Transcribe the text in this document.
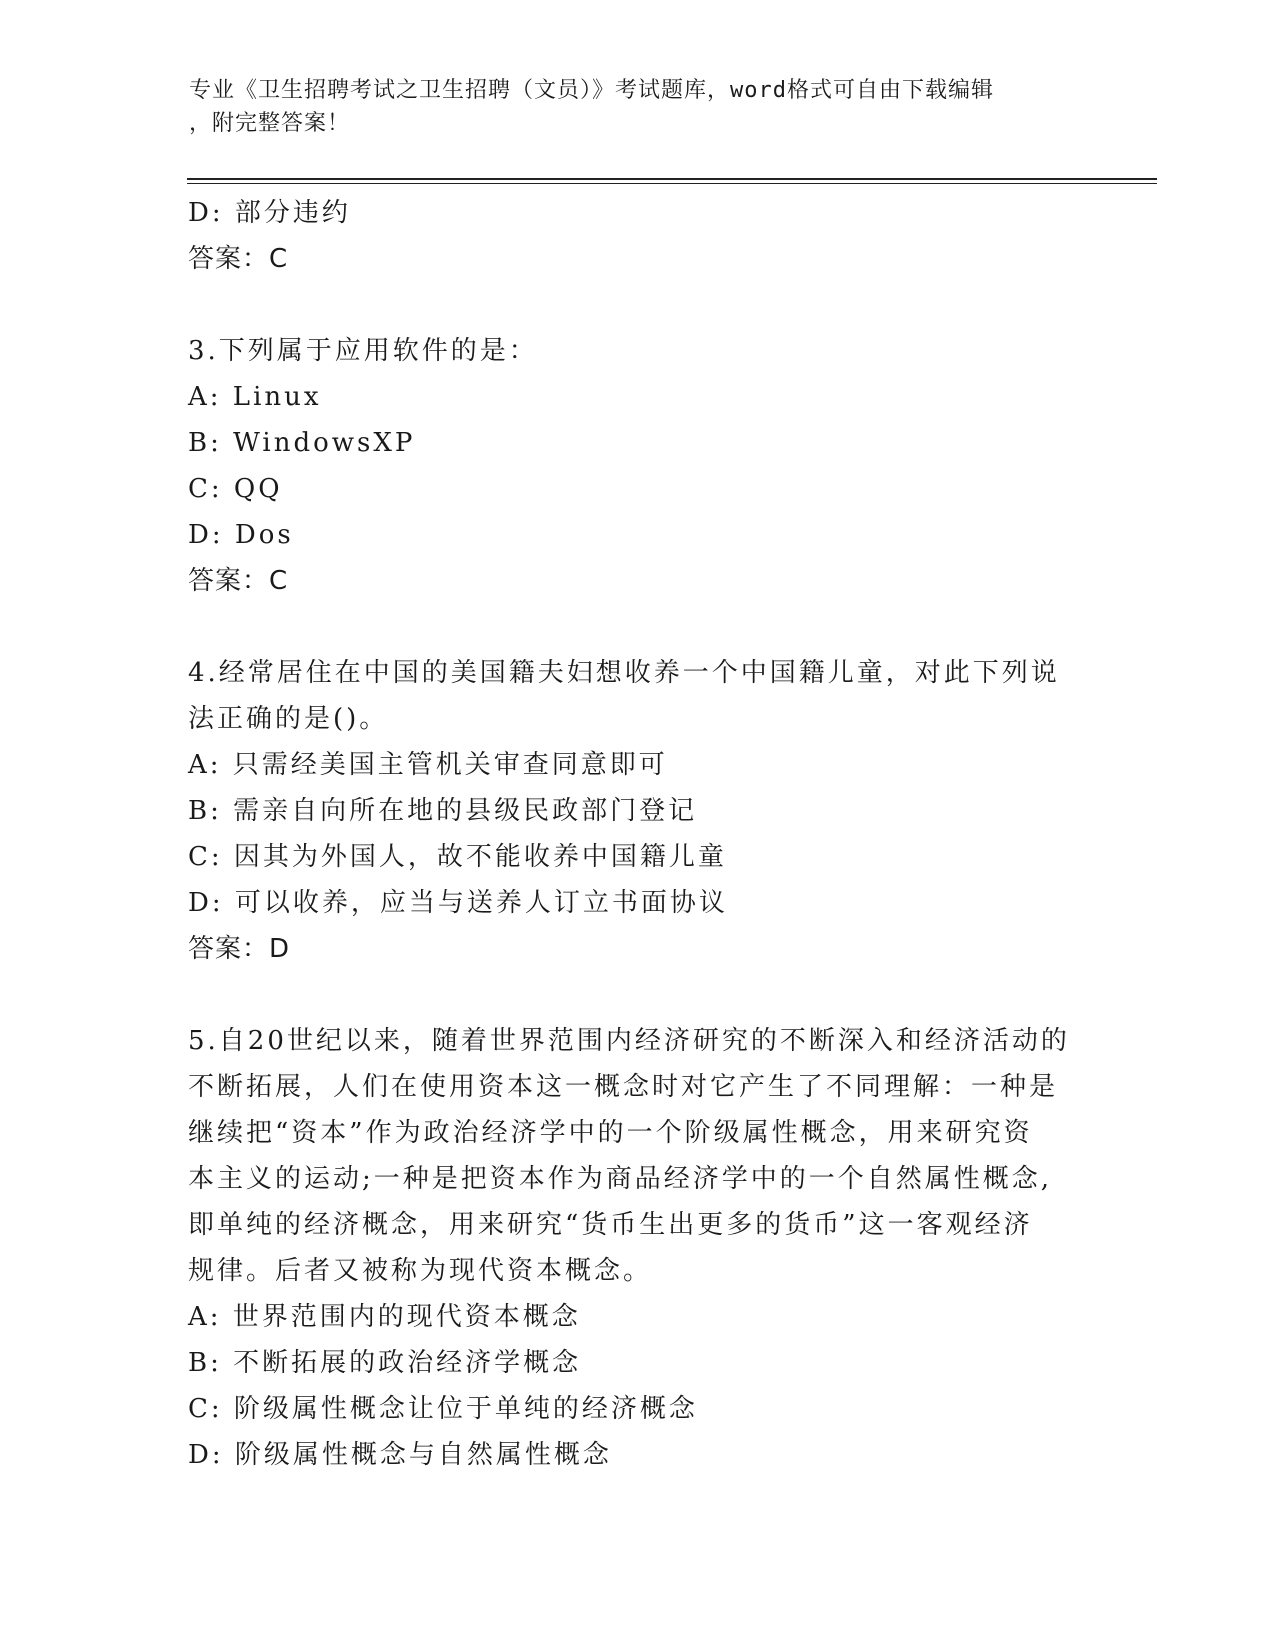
专业《卫生招聘考试之卫生招聘（文员）》考试题库，word格式可自由下载编辑
，附完整答案！
D: 部分违约
答案：C
3.下列属于应用软件的是：
A: Linux
B: WindowsXP
C: QQ
D: Dos
答案：C
4.经常居住在中国的美国籍夫妇想收养一个中国籍儿童，对此下列说
法正确的是()。
A: 只需经美国主管机关审查同意即可
B: 需亲自向所在地的县级民政部门登记
C: 因其为外国人，故不能收养中国籍儿童
D: 可以收养，应当与送养人订立书面协议
答案：D
5.自20世纪以来，随着世界范围内经济研究的不断深入和经济活动的
不断拓展，人们在使用资本这一概念时对它产生了不同理解：一种是
继续把“资本”作为政治经济学中的一个阶级属性概念，用来研究资
本主义的运动;一种是把资本作为商品经济学中的一个自然属性概念,
即单纯的经济概念，用来研究“货币生出更多的货币”这一客观经济
规律。后者又被称为现代资本概念。
A: 世界范围内的现代资本概念
B: 不断拓展的政治经济学概念
C: 阶级属性概念让位于单纯的经济概念
D: 阶级属性概念与自然属性概念
